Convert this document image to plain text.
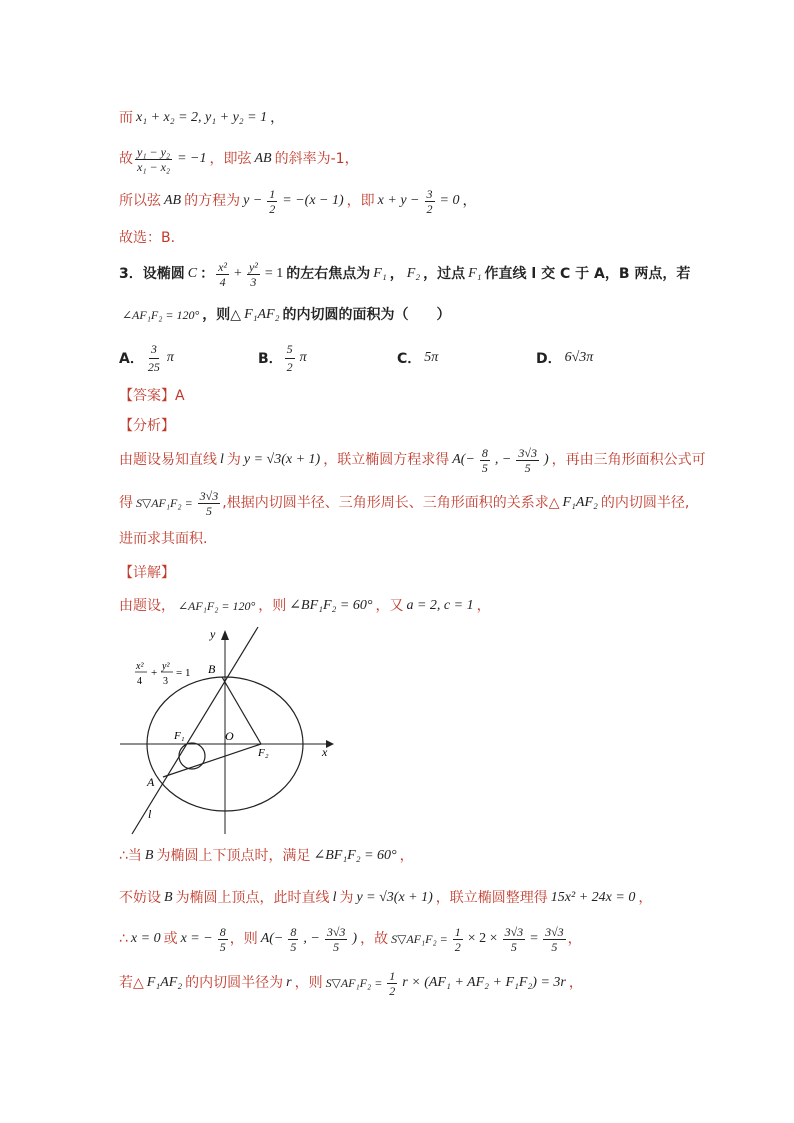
而 x₁ + x₂ = 2, y₁ + y₂ = 1 ，
故 $\frac{\text{y₁ − y₂}}{\text{x₁ − x₂}} = -1$ ，即弦 AB 的斜率为-1，
所以弦 AB 的方程为 $y - \frac{1}{2} = -(x - 1)$ ，即 $x + y - \frac{3}{2} = 0$ ，
故选：B.
3．设椭圆 C ： $\frac{\text{x²}}{4} + \frac{\text{y²}}{3} = 1$ 的左右焦点为 F₁ ， F₂ ，过点 F₁ 作直线 l 交 C 于 A，B 两点，若
∠AF₁F₂ = 120° ，则△ F₁AF₂ 的内切圆的面积为（　　）
A． $\frac{3}{25}$ π	B． $\frac{5}{2}$ π	C． 5π	D． 6√3π
【答案】A
【分析】
由题设易知直线 l 为 y = √3(x + 1) ，联立椭圆方程求得 $A(- \frac{8}{5}$ , − $\frac{3√3}{5}$ ) ，再由三角形面积公式可
得 S▽AF₁F₂ = $\frac{3√3}{5}$ ,根据内切圆半径、三角形周长、三角形面积的关系求△ F₁AF₂ 的内切圆半径,
进而求其面积.
【详解】
由题设， ∠AF₁F₂ = 120° ，则 ∠BF₁F₂ = 60° ，又 a = 2, c = 1 ，
y
x
B
O
F₁
F₂
A
l
x²
4
+
y²
3
= 1
∴当 B 为椭圆上下顶点时，满足 ∠BF₁F₂ = 60° ，
不妨设 B 为椭圆上顶点，此时直线 l 为 y = √3(x + 1) ，联立椭圆整理得 15x² + 24x = 0 ，
∴ x = 0 或 x = − $\frac{8}{5}$ ，则 $A(- \frac{8}{5}$ , − $\frac{3√3}{5}$ ) ，故 S▽AF₁F₂ = $\frac{1}{2} \times 2 \times \frac{3√3}{5} = \frac{3√3}{5}$ ，
若△ F₁AF₂ 的内切圆半径为 r ，则 S▽AF₁F₂ = $\frac{1}{2}$ r × (AF₁ + AF₂ + F₁F₂) = 3r ，
